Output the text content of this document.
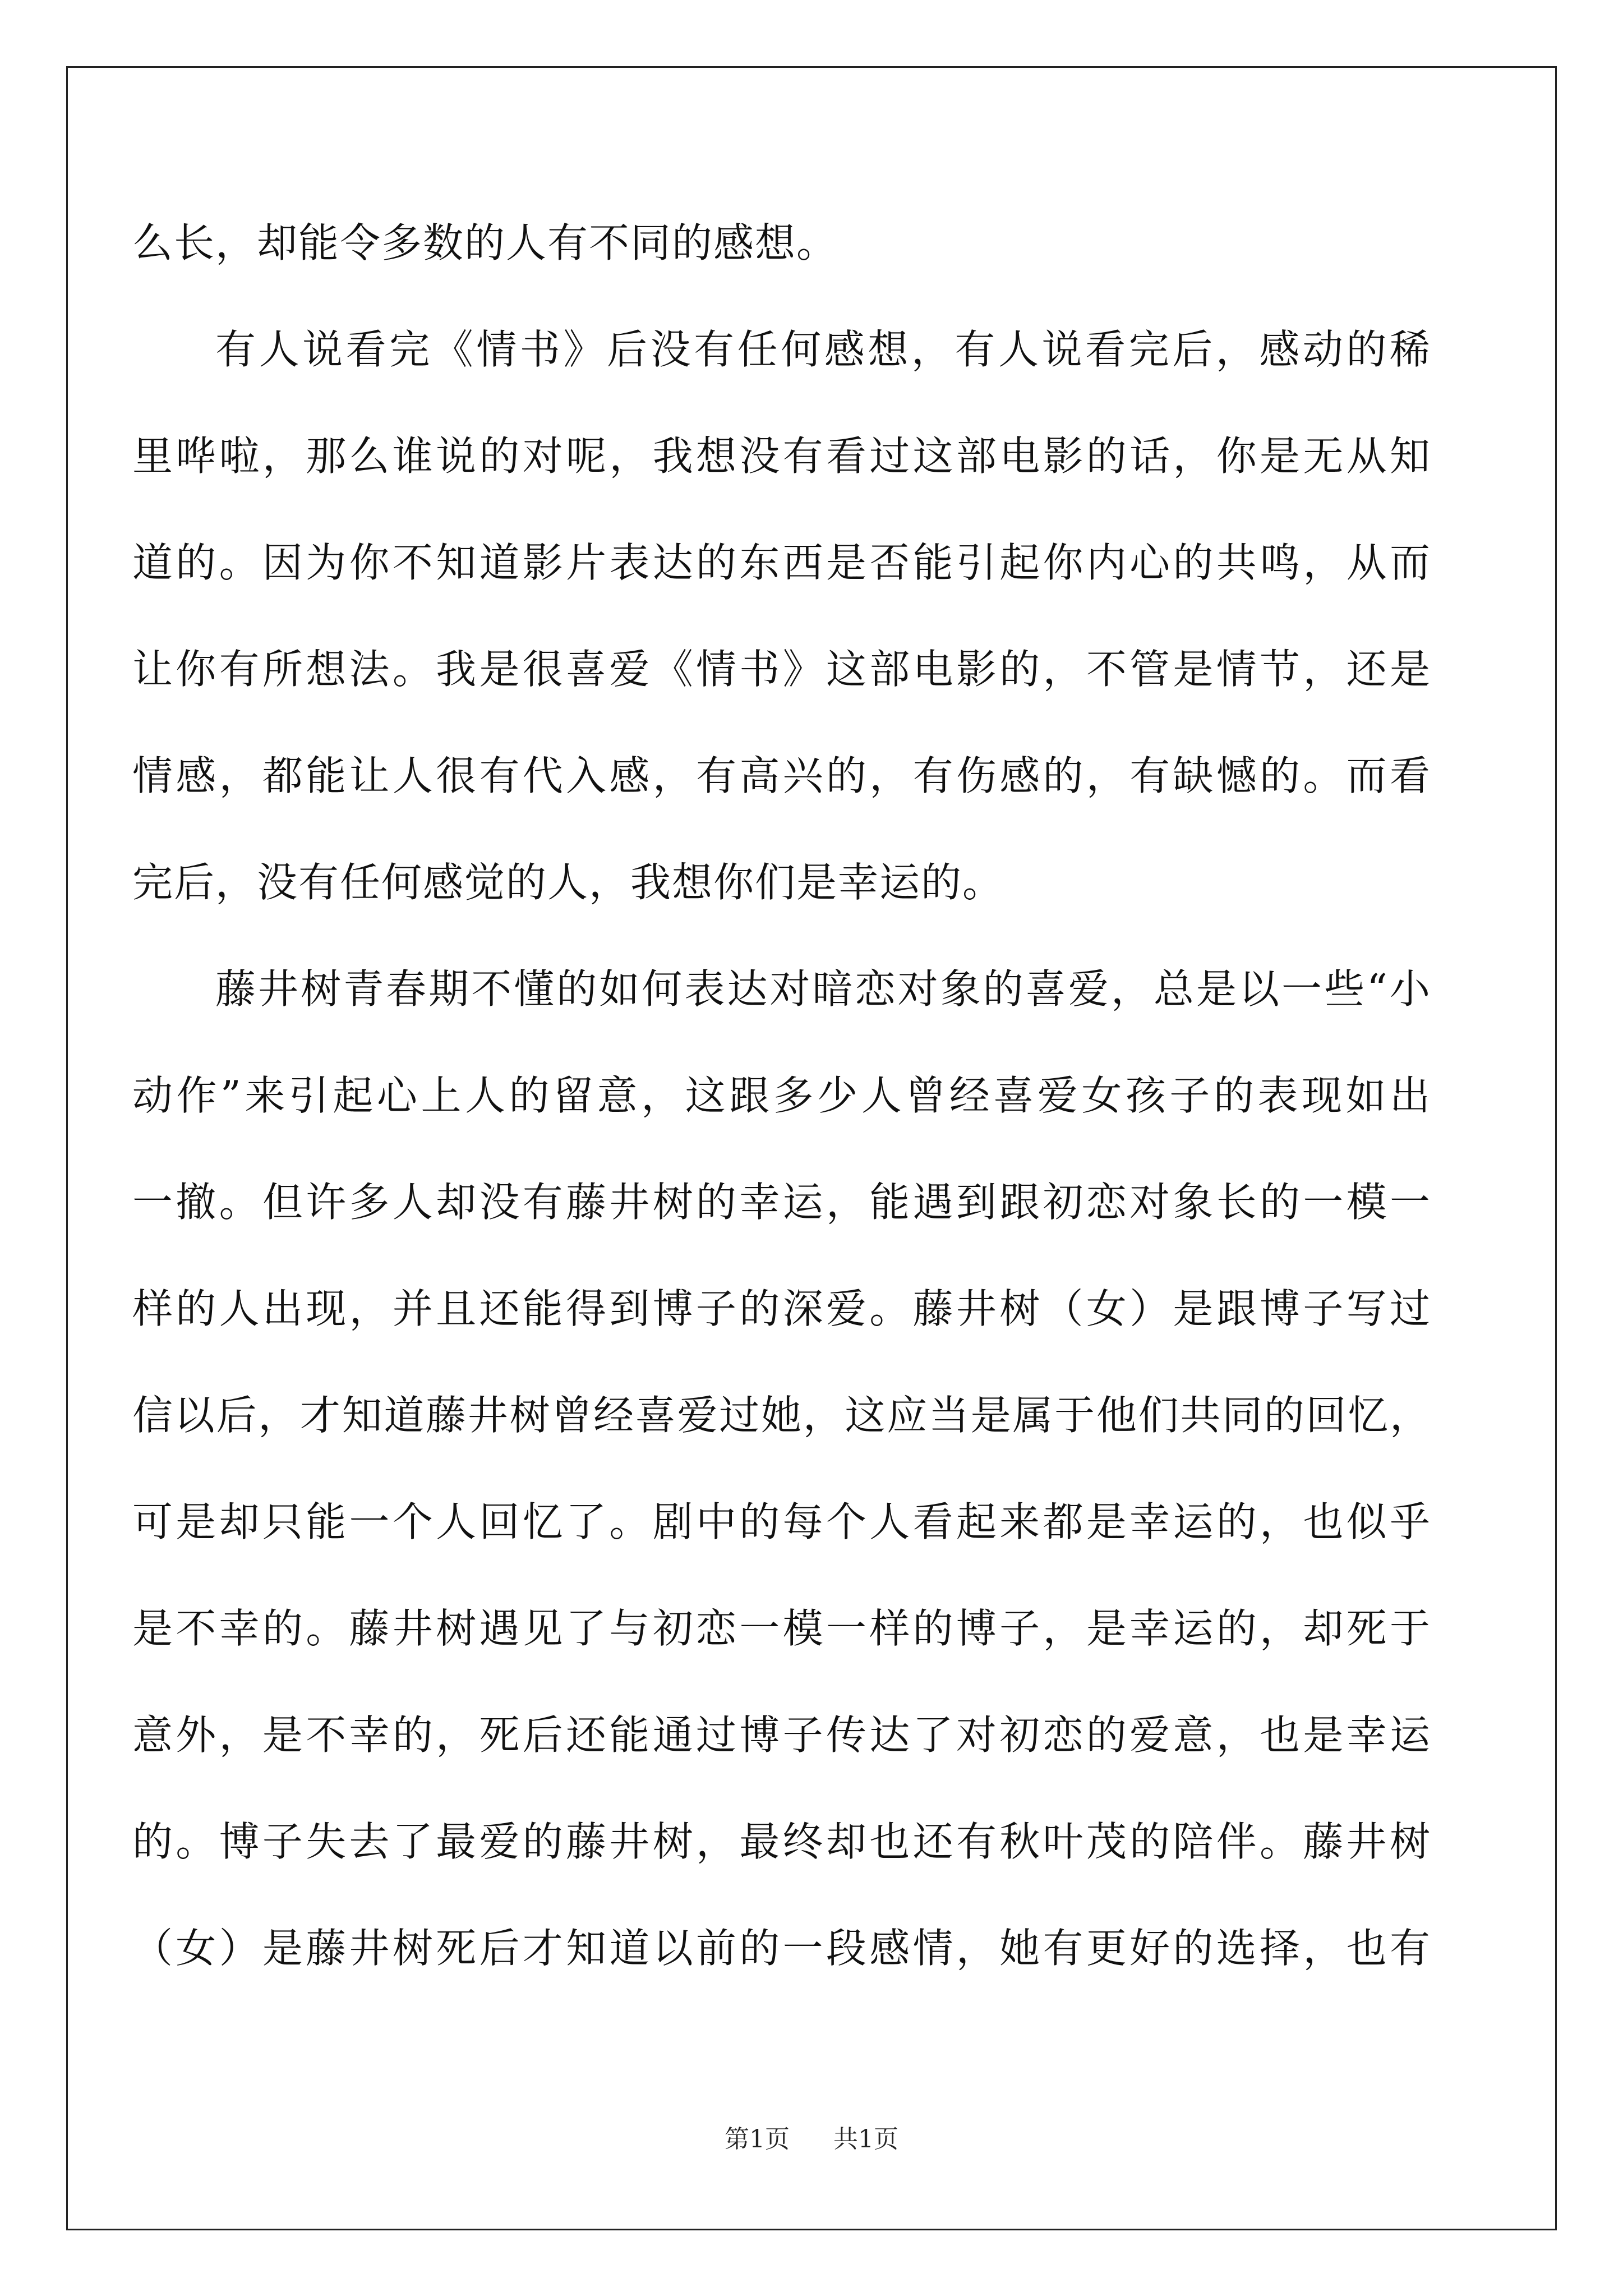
么长，却能令多数的人有不同的感想。
有人说看完《情书》后没有任何感想，有人说看完后，感动的稀
里哗啦，那么谁说的对呢，我想没有看过这部电影的话，你是无从知
道的。因为你不知道影片表达的东西是否能引起你内心的共鸣，从而
让你有所想法。我是很喜爱《情书》这部电影的，不管是情节，还是
情感，都能让人很有代入感，有高兴的，有伤感的，有缺憾的。而看
完后，没有任何感觉的人，我想你们是幸运的。
藤井树青春期不懂的如何表达对暗恋对象的喜爱，总是以一些“小
动作”来引起心上人的留意，这跟多少人曾经喜爱女孩子的表现如出
一撤。但许多人却没有藤井树的幸运，能遇到跟初恋对象长的一模一
样的人出现，并且还能得到博子的深爱。藤井树（女）是跟博子写过
信以后，才知道藤井树曾经喜爱过她，这应当是属于他们共同的回忆，
可是却只能一个人回忆了。剧中的每个人看起来都是幸运的，也似乎
是不幸的。藤井树遇见了与初恋一模一样的博子，是幸运的，却死于
意外，是不幸的，死后还能通过博子传达了对初恋的爱意，也是幸运
的。博子失去了最爱的藤井树，最终却也还有秋叶茂的陪伴。藤井树
（女）是藤井树死后才知道以前的一段感情，她有更好的选择，也有
第1页 共1页
